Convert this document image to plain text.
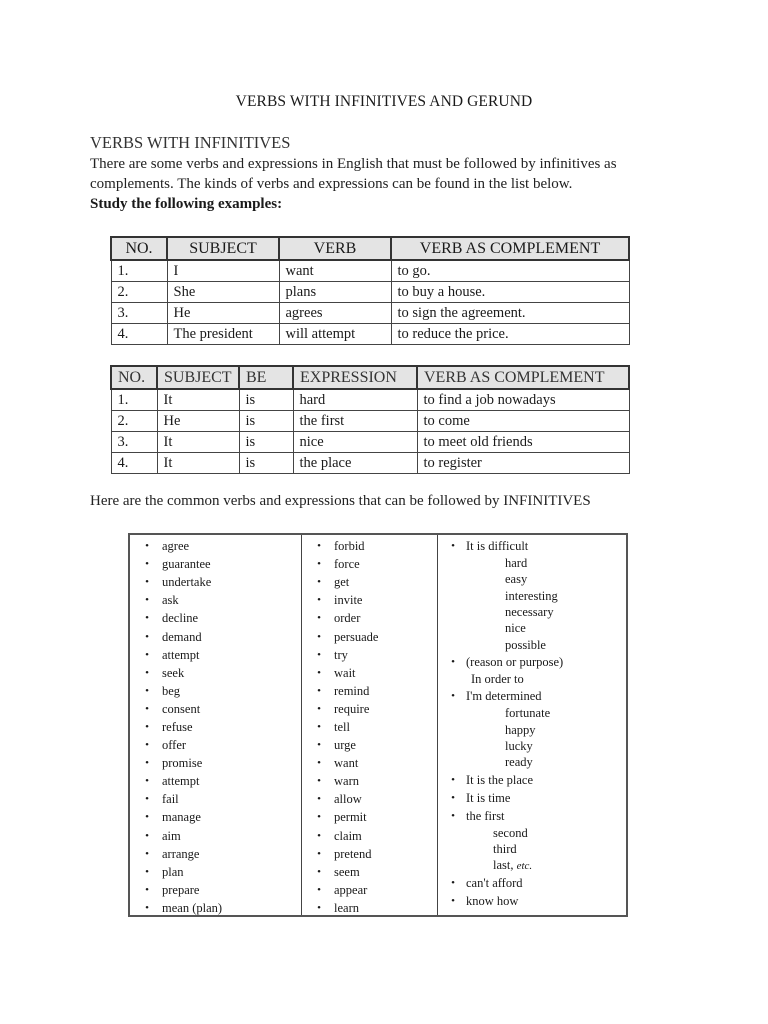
VERBS WITH INFINITIVES AND GERUND
VERBS WITH INFINITIVES
There are some verbs and expressions in English that must be followed by infinitives as complements. The kinds of verbs and expressions can be found in the list below.
Study the following examples:
NO.	SUBJECT	VERB	VERB AS COMPLEMENT
1.	I	want	to go.
2.	She	plans	to buy a house.
3.	He	agrees	to sign the agreement.
4.	The president	will attempt	to reduce the price.
NO.	SUBJECT	BE	EXPRESSION	VERB AS COMPLEMENT
1.	It	is	hard	to find a job nowadays
2.	He	is	the first	to come
3.	It	is	nice	to meet old friends
4.	It	is	the place	to register
Here are the common verbs and expressions that can be followed by INFINITIVES
•	agree
•	guarantee
•	undertake
•	ask
•	decline
•	demand
•	attempt
•	seek
•	beg
•	consent
•	refuse
•	offer
•	promise
•	attempt
•	fail
•	manage
•	aim
•	arrange
•	plan
•	prepare
•	mean (plan)
•	forbid
•	force
•	get
•	invite
•	order
•	persuade
•	try
•	wait
•	remind
•	require
•	tell
•	urge
•	want
•	warn
•	allow
•	permit
•	claim
•	pretend
•	seem
•	appear
•	learn
• It is difficult
hard
easy
interesting
necessary
nice
possible
• (reason or purpose)
In order to
• I'm determined
fortunate
happy
lucky
ready
• It is the place
• It is time
• the first
second
third
last, etc.
• can't afford
• know how
